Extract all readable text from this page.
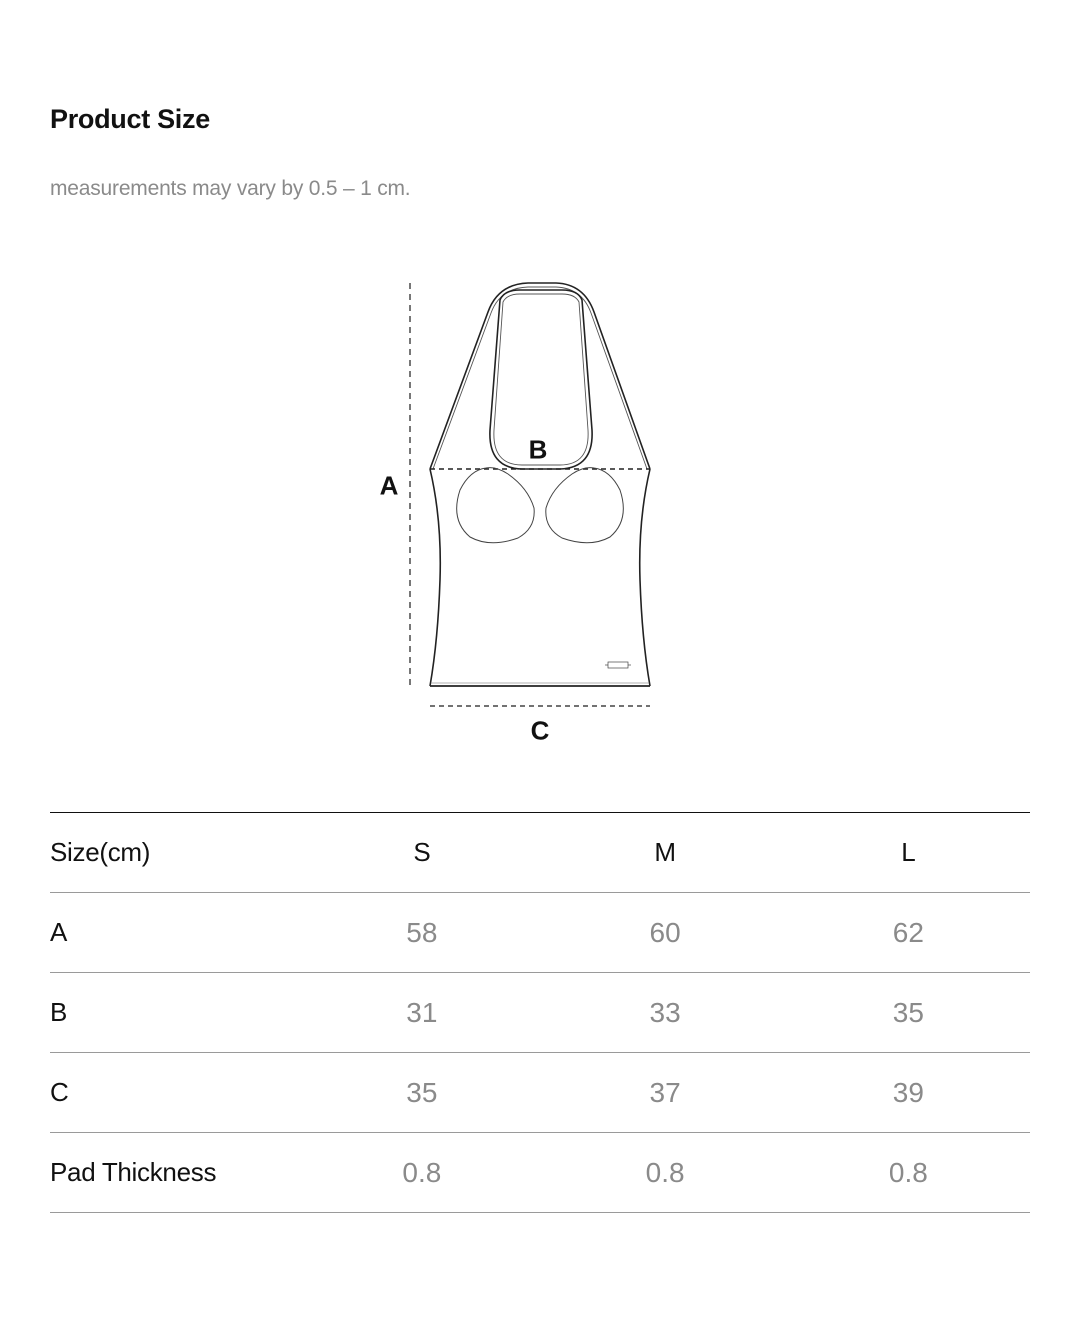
Product Size
measurements may vary by 0.5 – 1 cm.
A
B
C
Size(cm)	S	M	L
A	58	60	62
B	31	33	35
C	35	37	39
Pad Thickness	0.8	0.8	0.8
